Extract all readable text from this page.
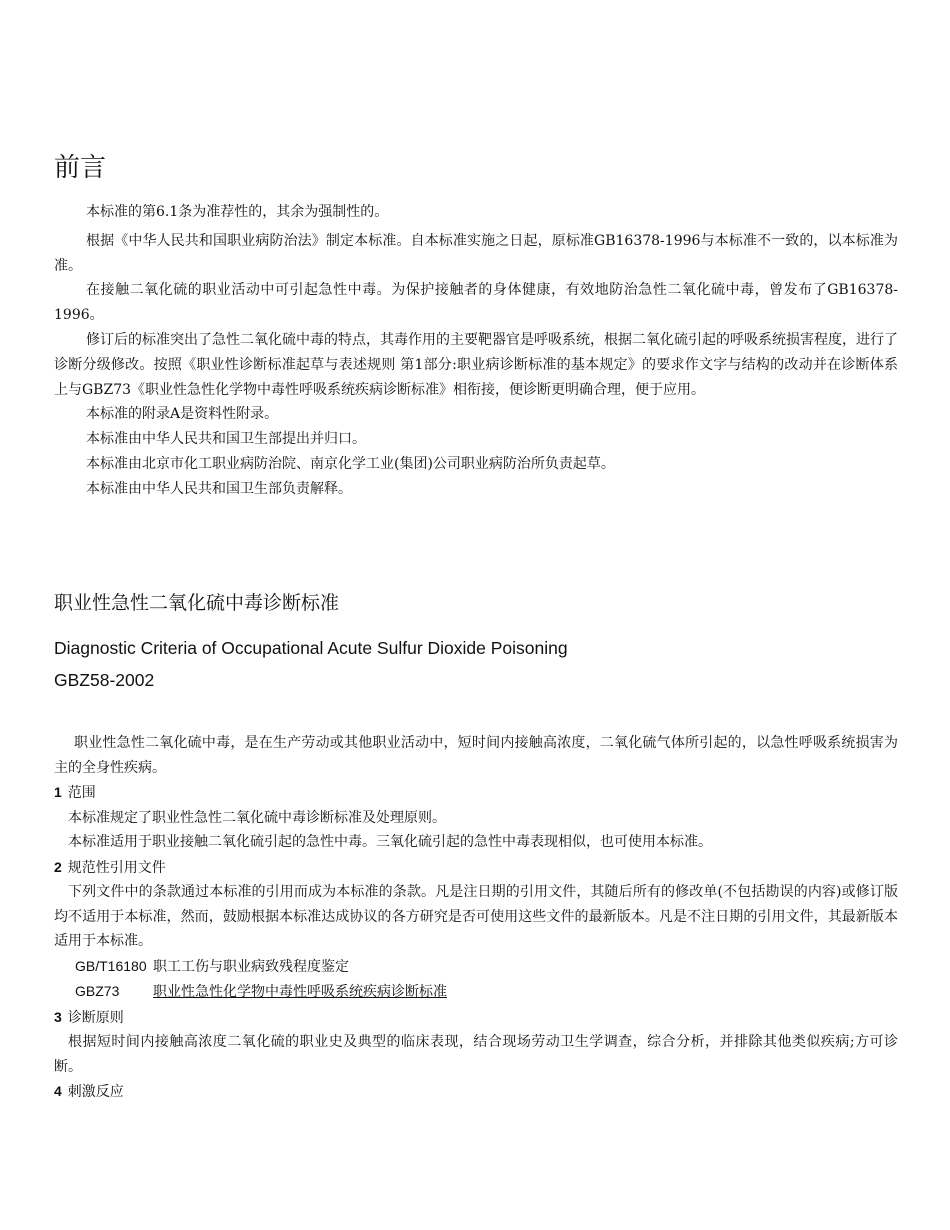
前言

本标准的第6.1条为准荐性的，其余为强制性的。

根据《中华人民共和国职业病防治法》制定本标准。自本标准实施之日起，原标准GB16378-1996与本标准不一致的，以本标准为准。

在接触二氧化硫的职业活动中可引起急性中毒。为保护接触者的身体健康，有效地防治急性二氧化硫中毒，曾发布了GB16378-1996。

修订后的标准突出了急性二氧化硫中毒的特点，其毒作用的主要靶器官是呼吸系统，根据二氧化硫引起的呼吸系统损害程度，进行了诊断分级修改。按照《职业性诊断标准起草与表述规则 第1部分:职业病诊断标准的基本规定》的要求作文字与结构的改动并在诊断体系上与GBZ73《职业性急性化学物中毒性呼吸系统疾病诊断标准》相衔接，便诊断更明确合理，便于应用。

本标准的附录A是资料性附录。

本标准由中华人民共和国卫生部提出并归口。

本标准由北京市化工职业病防治院、南京化学工业(集团)公司职业病防治所负责起草。

本标准由中华人民共和国卫生部负责解释。

职业性急性二氧化硫中毒诊断标准
Diagnostic Criteria of Occupational Acute Sulfur Dioxide Poisoning
GBZ58-2002

职业性急性二氧化硫中毒，是在生产劳动或其他职业活动中，短时间内接触高浓度，二氧化硫气体所引起的，以急性呼吸系统损害为主的全身性疾病。

1 范围

本标准规定了职业性急性二氧化硫中毒诊断标准及处理原则。

本标准适用于职业接触二氧化硫引起的急性中毒。三氧化硫引起的急性中毒表现相似，也可使用本标准。

2 规范性引用文件

下列文件中的条款通过本标准的引用而成为本标准的条款。凡是注日期的引用文件，其随后所有的修改单(不包括勘误的内容)或修订版均不适用于本标准，然而，鼓励根据本标准达成协议的各方研究是否可使用这些文件的最新版本。凡是不注日期的引用文件，其最新版本适用于本标准。

GB/T16180 职工工伤与职业病致残程度鉴定

GBZ73 职业性急性化学物中毒性呼吸系统疾病诊断标准

3 诊断原则

根据短时间内接触高浓度二氧化硫的职业史及典型的临床表现，结合现场劳动卫生学调查，综合分析，并排除其他类似疾病;方可诊断。

4 刺激反应
